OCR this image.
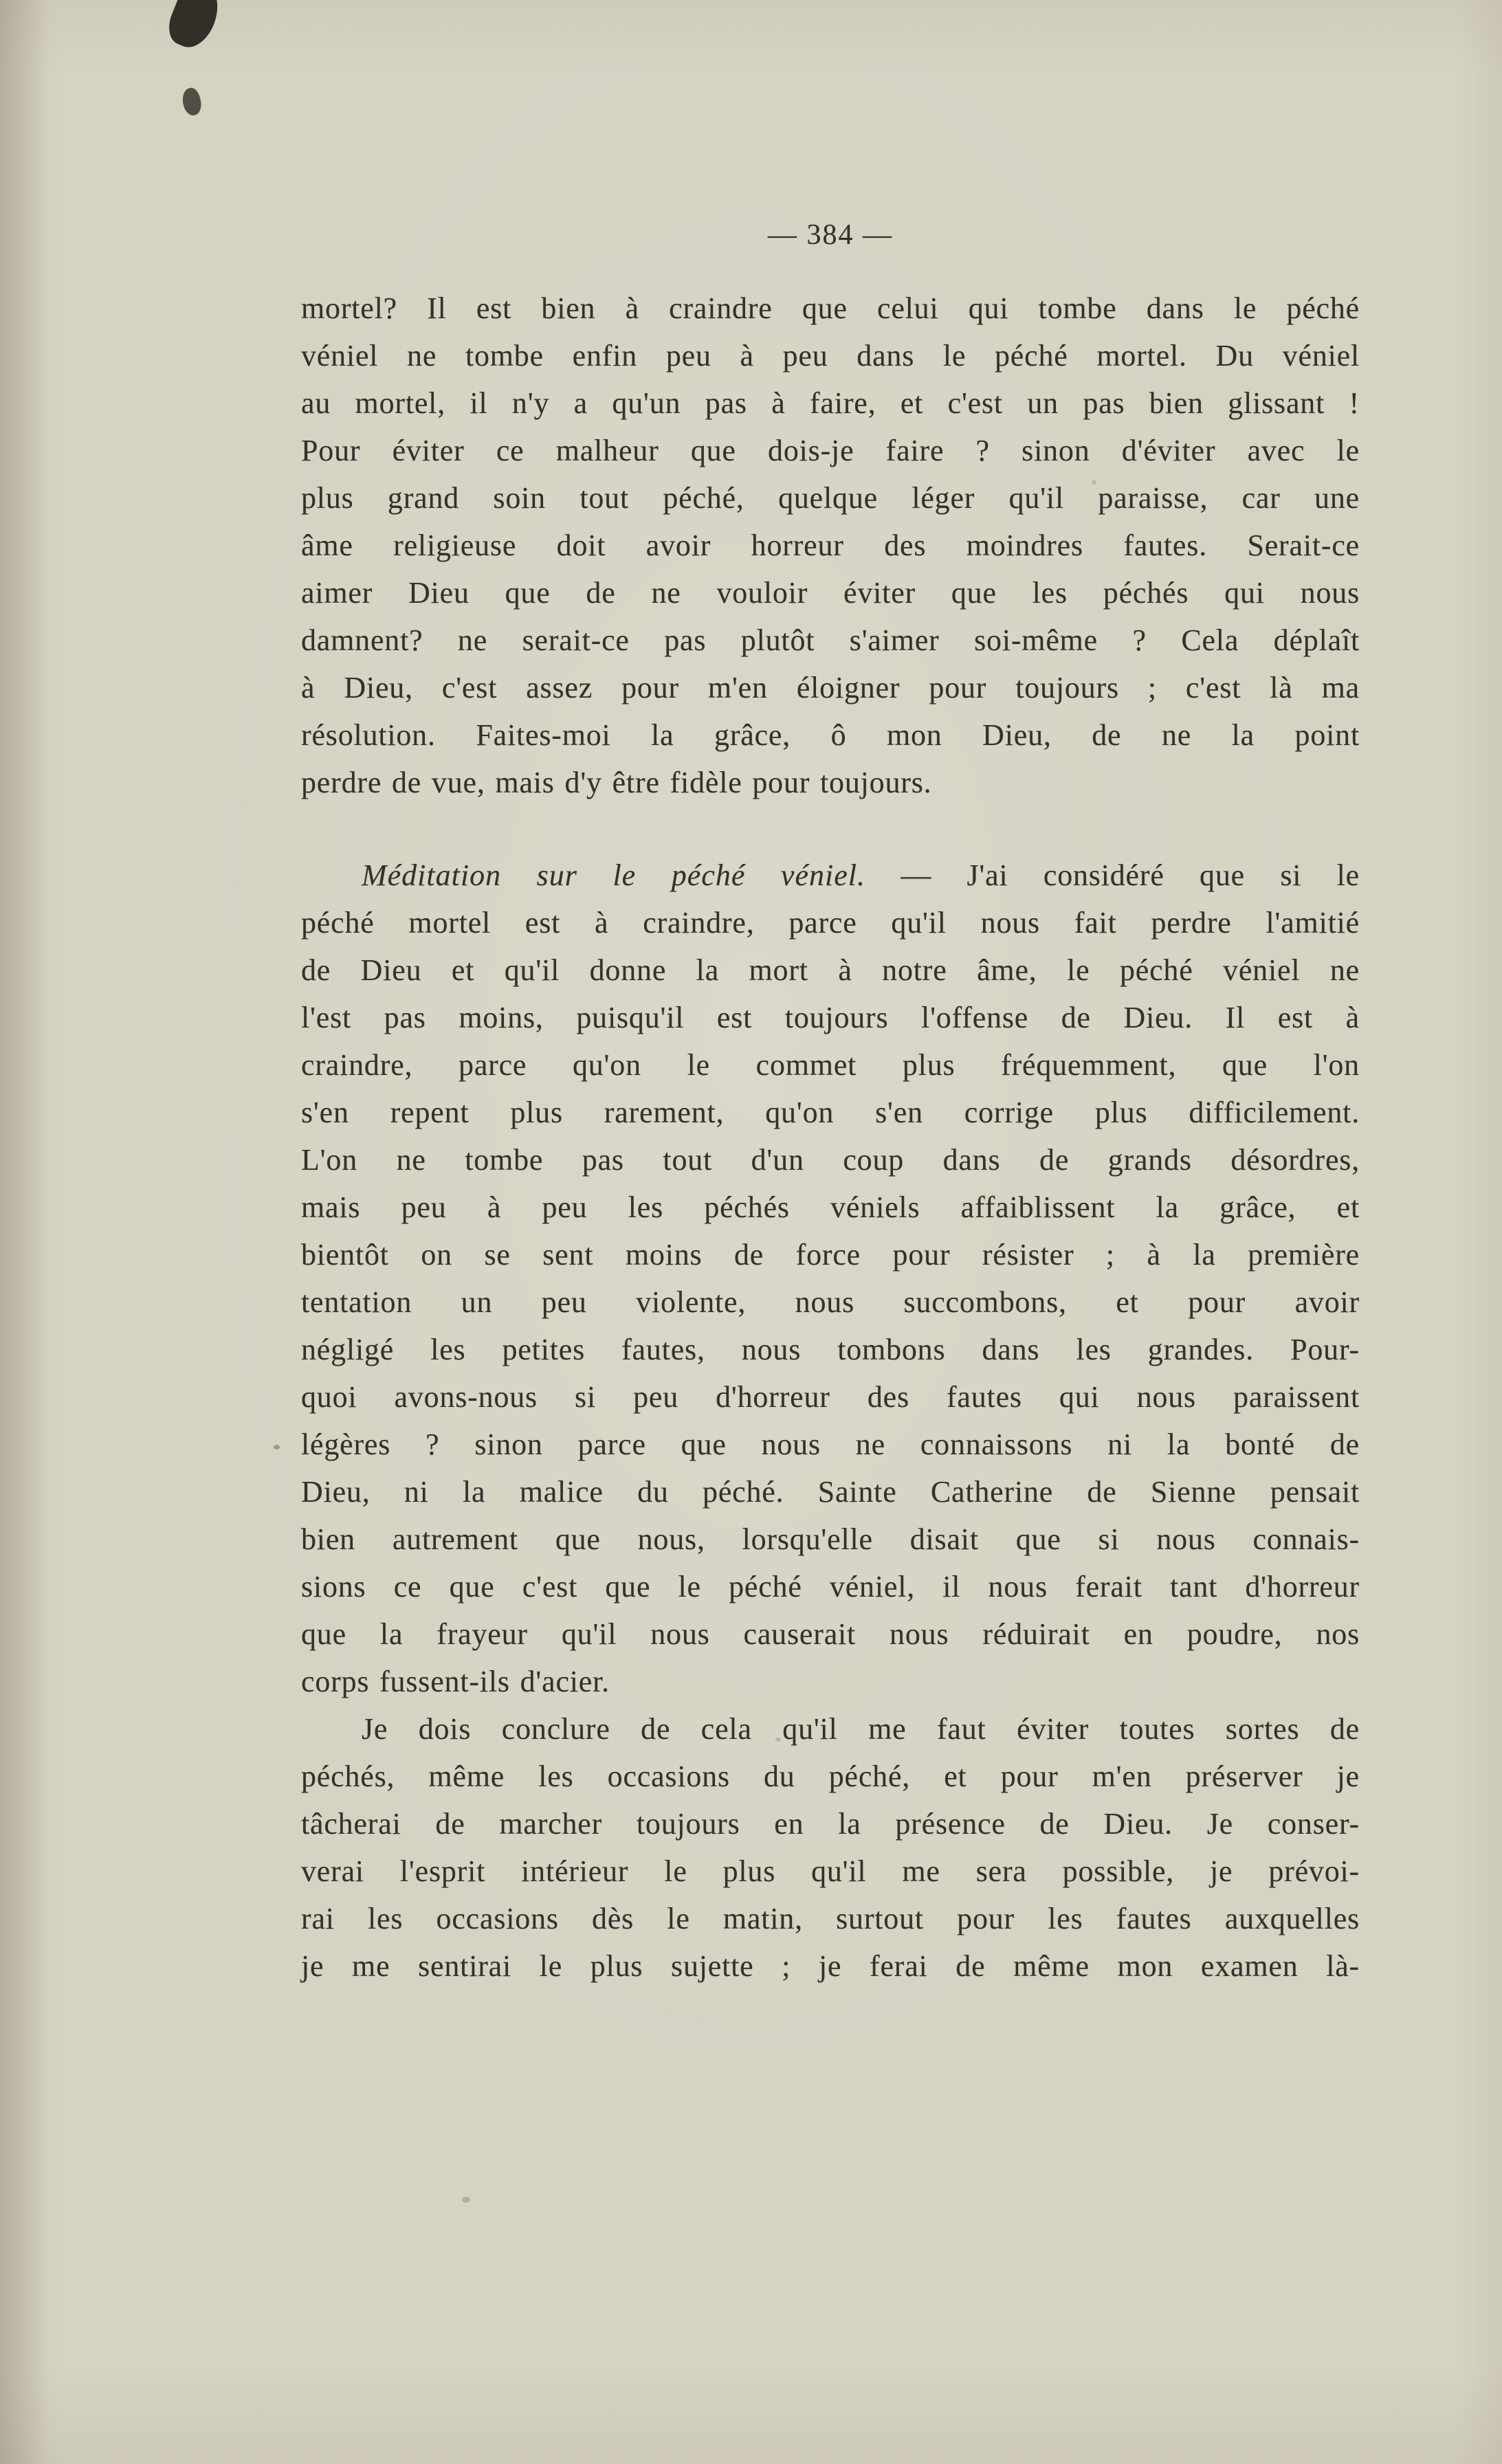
— 384 —
mortel? Il est bien à craindre que celui qui tombe dans le péché
véniel ne tombe enfin peu à peu dans le péché mortel. Du véniel
au mortel, il n'y a qu'un pas à faire, et c'est un pas bien glissant !
Pour éviter ce malheur que dois-je faire ? sinon d'éviter avec le
plus grand soin tout péché, quelque léger qu'il paraisse, car une
âme religieuse doit avoir horreur des moindres fautes. Serait-ce
aimer Dieu que de ne vouloir éviter que les péchés qui nous
damnent? ne serait-ce pas plutôt s'aimer soi-même ? Cela déplaît
à Dieu, c'est assez pour m'en éloigner pour toujours ; c'est là ma
résolution. Faites-moi la grâce, ô mon Dieu, de ne la point
perdre de vue, mais d'y être fidèle pour toujours.
Méditation sur le péché véniel. — J'ai considéré que si le
péché mortel est à craindre, parce qu'il nous fait perdre l'amitié
de Dieu et qu'il donne la mort à notre âme, le péché véniel ne
l'est pas moins, puisqu'il est toujours l'offense de Dieu. Il est à
craindre, parce qu'on le commet plus fréquemment, que l'on
s'en repent plus rarement, qu'on s'en corrige plus difficilement.
L'on ne tombe pas tout d'un coup dans de grands désordres,
mais peu à peu les péchés véniels affaiblissent la grâce, et
bientôt on se sent moins de force pour résister ; à la première
tentation un peu violente, nous succombons, et pour avoir
négligé les petites fautes, nous tombons dans les grandes. Pour-
quoi avons-nous si peu d'horreur des fautes qui nous paraissent
légères ? sinon parce que nous ne connaissons ni la bonté de
Dieu, ni la malice du péché. Sainte Catherine de Sienne pensait
bien autrement que nous, lorsqu'elle disait que si nous connais-
sions ce que c'est que le péché véniel, il nous ferait tant d'horreur
que la frayeur qu'il nous causerait nous réduirait en poudre, nos
corps fussent-ils d'acier.
Je dois conclure de cela qu'il me faut éviter toutes sortes de
péchés, même les occasions du péché, et pour m'en préserver je
tâcherai de marcher toujours en la présence de Dieu. Je conser-
verai l'esprit intérieur le plus qu'il me sera possible, je prévoi-
rai les occasions dès le matin, surtout pour les fautes auxquelles
je me sentirai le plus sujette ; je ferai de même mon examen là-
